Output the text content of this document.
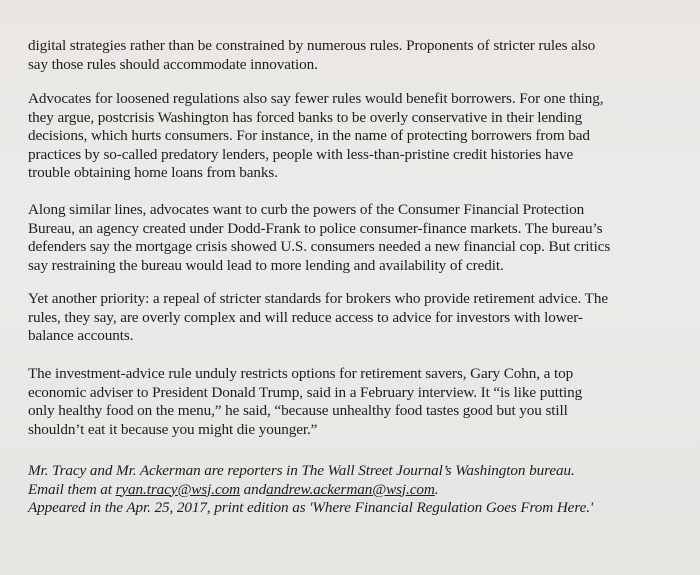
digital strategies rather than be constrained by numerous rules. Proponents of stricter rules also

say those rules should accommodate innovation.

Advocates for loosened regulations also say fewer rules would benefit borrowers. For one thing,

they argue, postcrisis Washington has forced banks to be overly conservative in their lending

decisions, which hurts consumers. For instance, in the name of protecting borrowers from bad

practices by so-called predatory lenders, people with less-than-pristine credit histories have

trouble obtaining home loans from banks.

Along similar lines, advocates want to curb the powers of the Consumer Financial Protection

Bureau, an agency created under Dodd-Frank to police consumer-finance markets. The bureau’s

defenders say the mortgage crisis showed U.S. consumers needed a new financial cop. But critics

say restraining the bureau would lead to more lending and availability of credit.

Yet another priority: a repeal of stricter standards for brokers who provide retirement advice. The

rules, they say, are overly complex and will reduce access to advice for investors with lower-

balance accounts.

The investment-advice rule unduly restricts options for retirement savers, Gary Cohn, a top

economic adviser to President Donald Trump, said in a February interview. It “is like putting

only healthy food on the menu,” he said, “because unhealthy food tastes good but you still

shouldn’t eat it because you might die younger.”

Mr. Tracy and Mr. Ackerman are reporters in The Wall Street Journal’s Washington bureau.

Email them at ryan.tracy@wsj.com andandrew.ackerman@wsj.com.

Appeared in the Apr. 25, 2017, print edition as 'Where Financial Regulation Goes From Here.'
